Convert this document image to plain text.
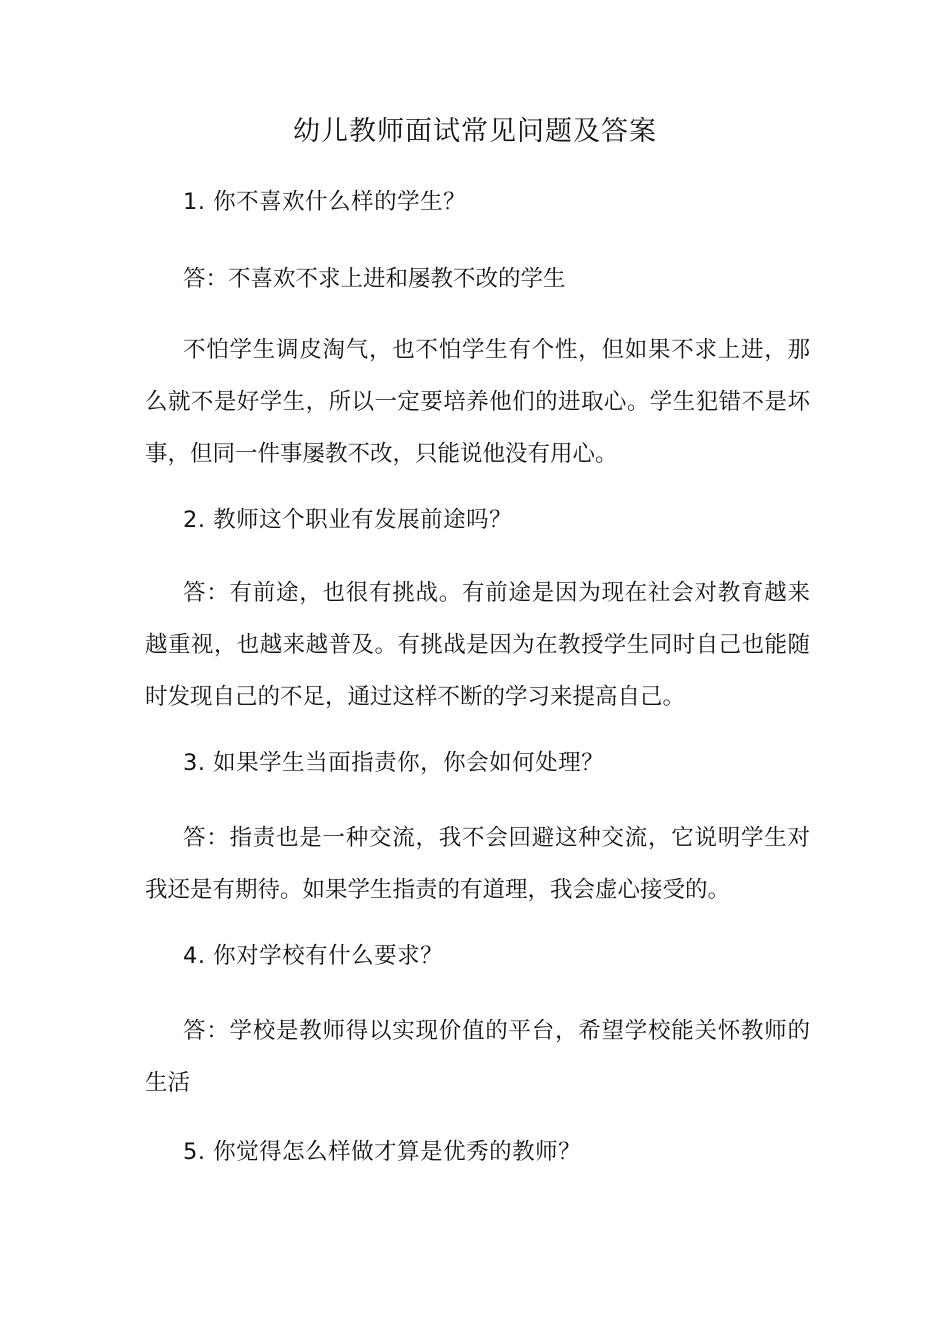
幼儿教师面试常见问题及答案
1. 你不喜欢什么样的学生？
答：不喜欢不求上进和屡教不改的学生
不怕学生调皮淘气，也不怕学生有个性，但如果不求上进，那么就不是好学生，所以一定要培养他们的进取心。学生犯错不是坏事，但同一件事屡教不改，只能说他没有用心。
2. 教师这个职业有发展前途吗？
答：有前途，也很有挑战。有前途是因为现在社会对教育越来越重视，也越来越普及。有挑战是因为在教授学生同时自己也能随时发现自己的不足，通过这样不断的学习来提高自己。
3. 如果学生当面指责你，你会如何处理？
答：指责也是一种交流，我不会回避这种交流，它说明学生对我还是有期待。如果学生指责的有道理，我会虚心接受的。
4. 你对学校有什么要求？
答：学校是教师得以实现价值的平台，希望学校能关怀教师的生活
5. 你觉得怎么样做才算是优秀的教师？
